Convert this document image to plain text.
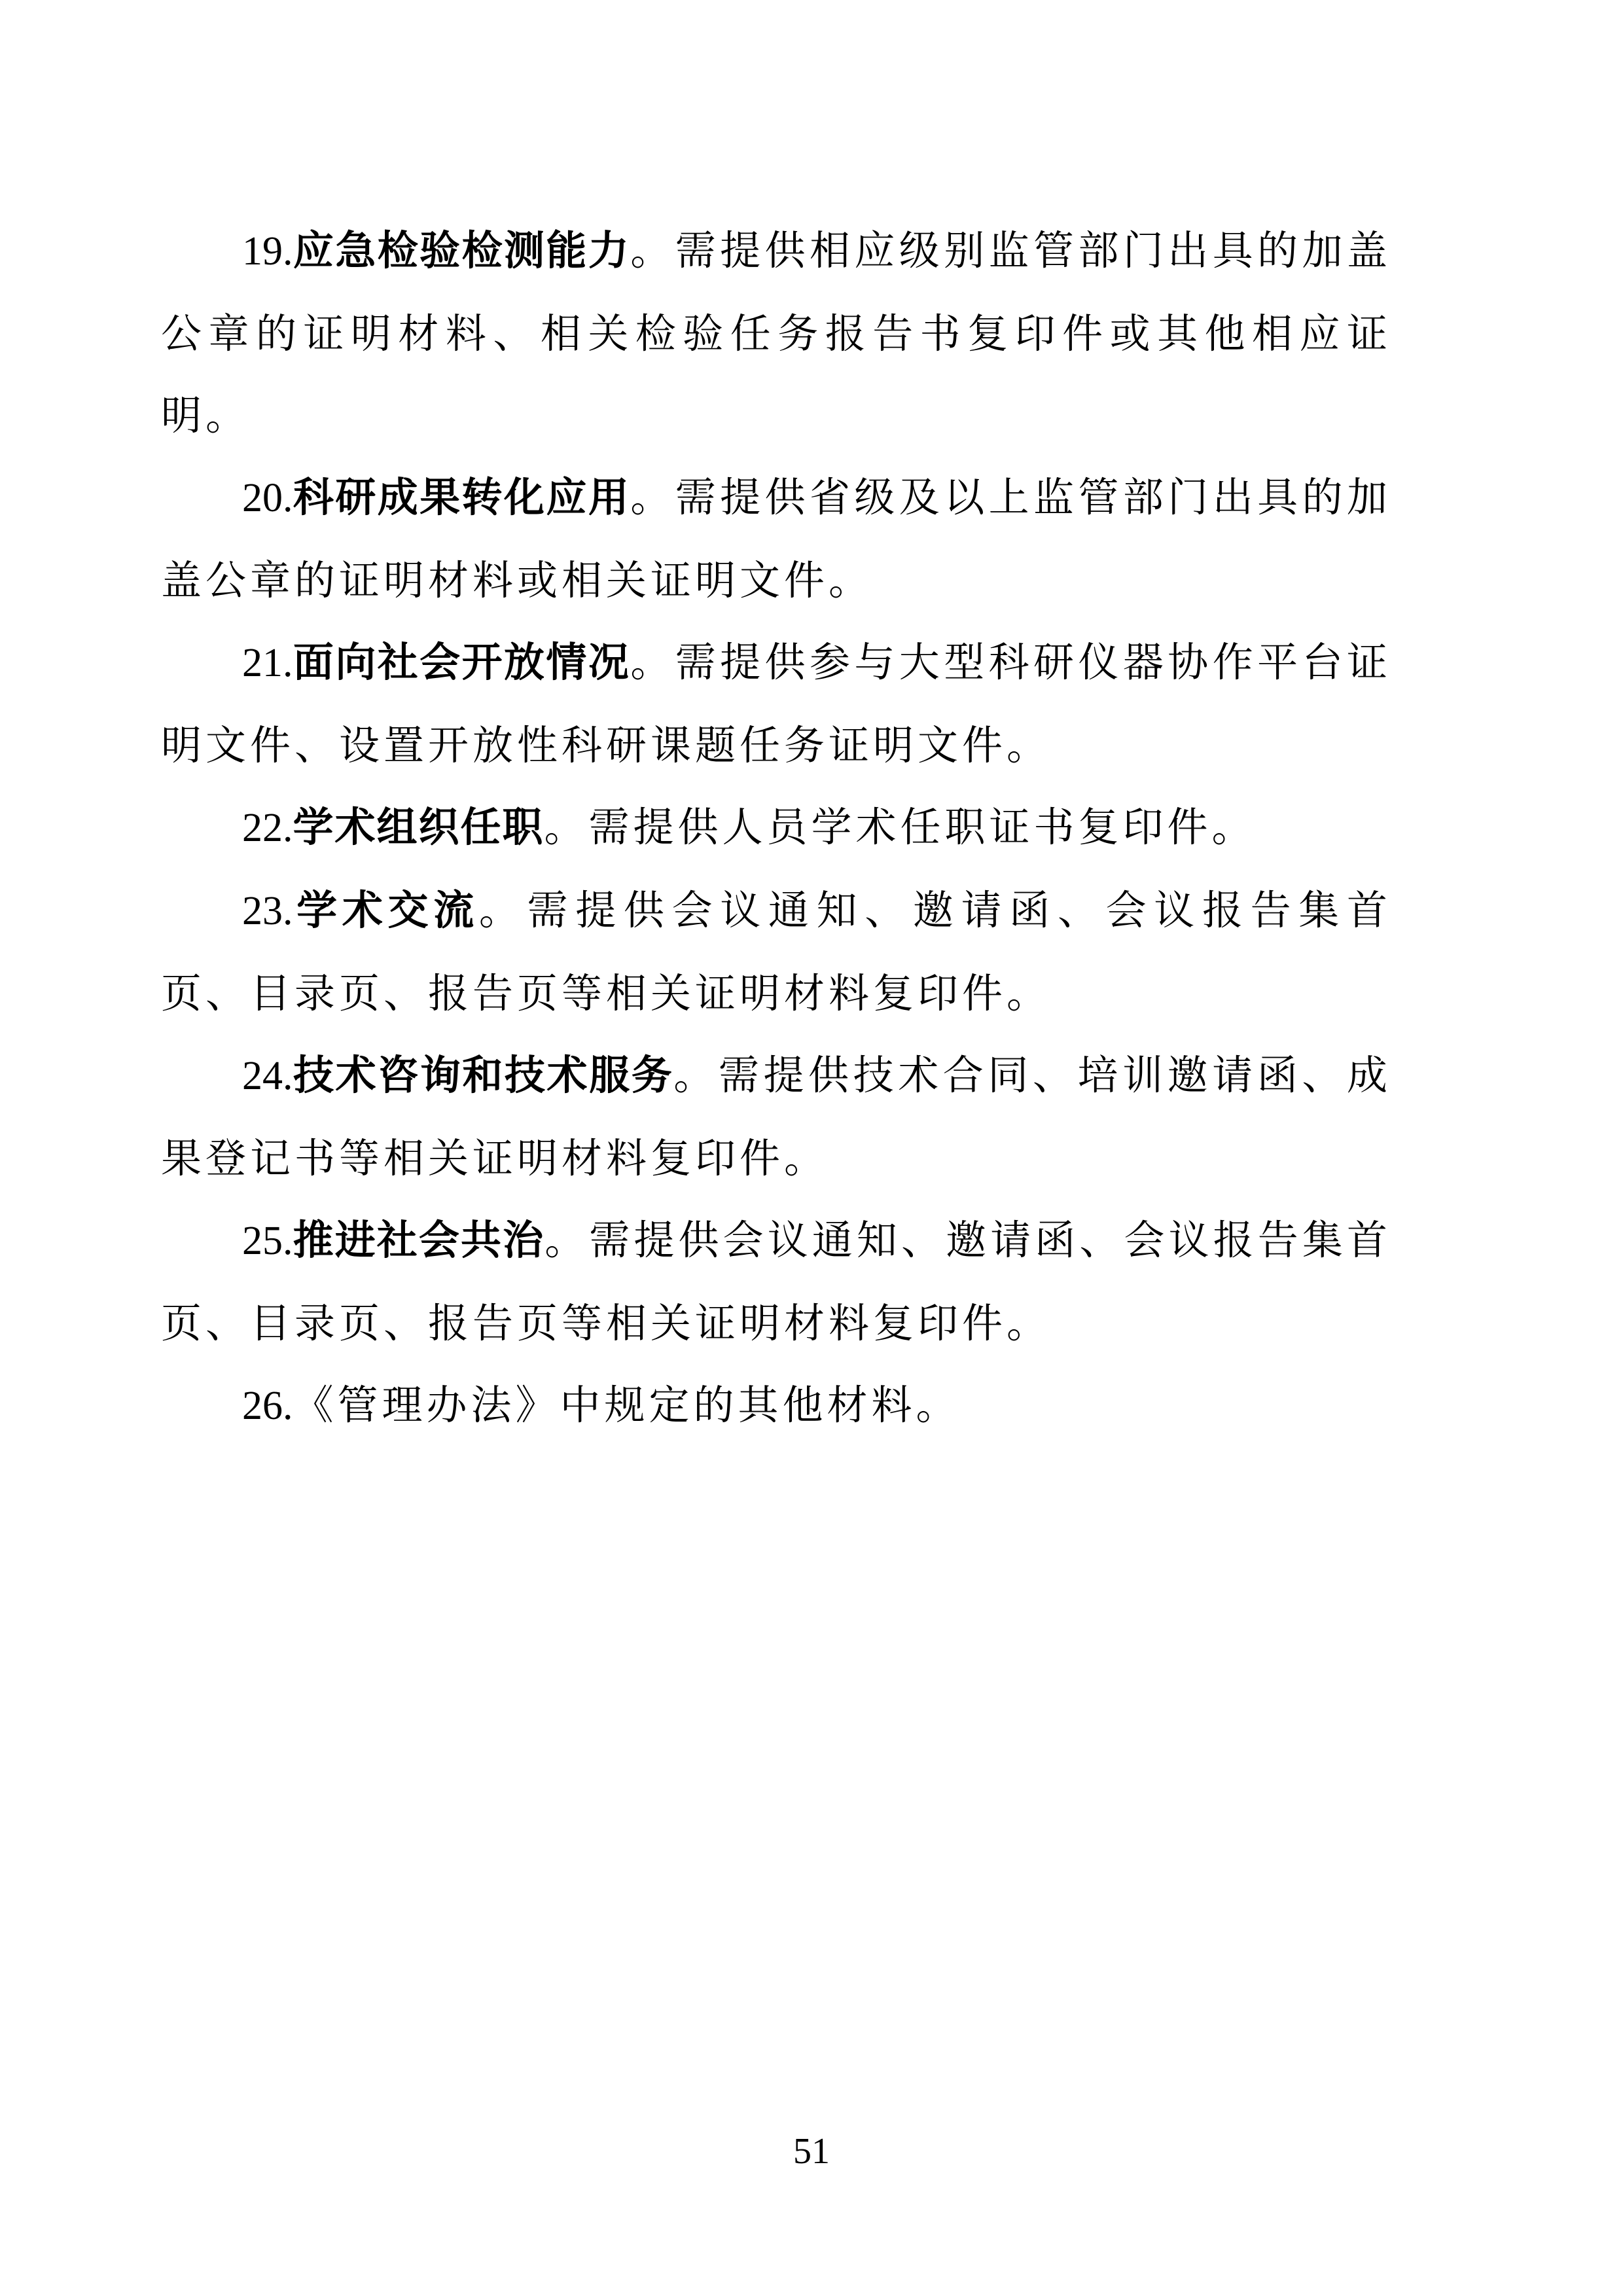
19.应急检验检测能力。需提供相应级别监管部门出具的加盖公章的证明材料、相关检验任务报告书复印件或其他相应证明。

20.科研成果转化应用。需提供省级及以上监管部门出具的加盖公章的证明材料或相关证明文件。

21.面向社会开放情况。需提供参与大型科研仪器协作平台证明文件、设置开放性科研课题任务证明文件。

22.学术组织任职。需提供人员学术任职证书复印件。

23.学术交流。需提供会议通知、邀请函、会议报告集首页、目录页、报告页等相关证明材料复印件。

24.技术咨询和技术服务。需提供技术合同、培训邀请函、成果登记书等相关证明材料复印件。

25.推进社会共治。需提供会议通知、邀请函、会议报告集首页、目录页、报告页等相关证明材料复印件。

26.《管理办法》中规定的其他材料。

51
